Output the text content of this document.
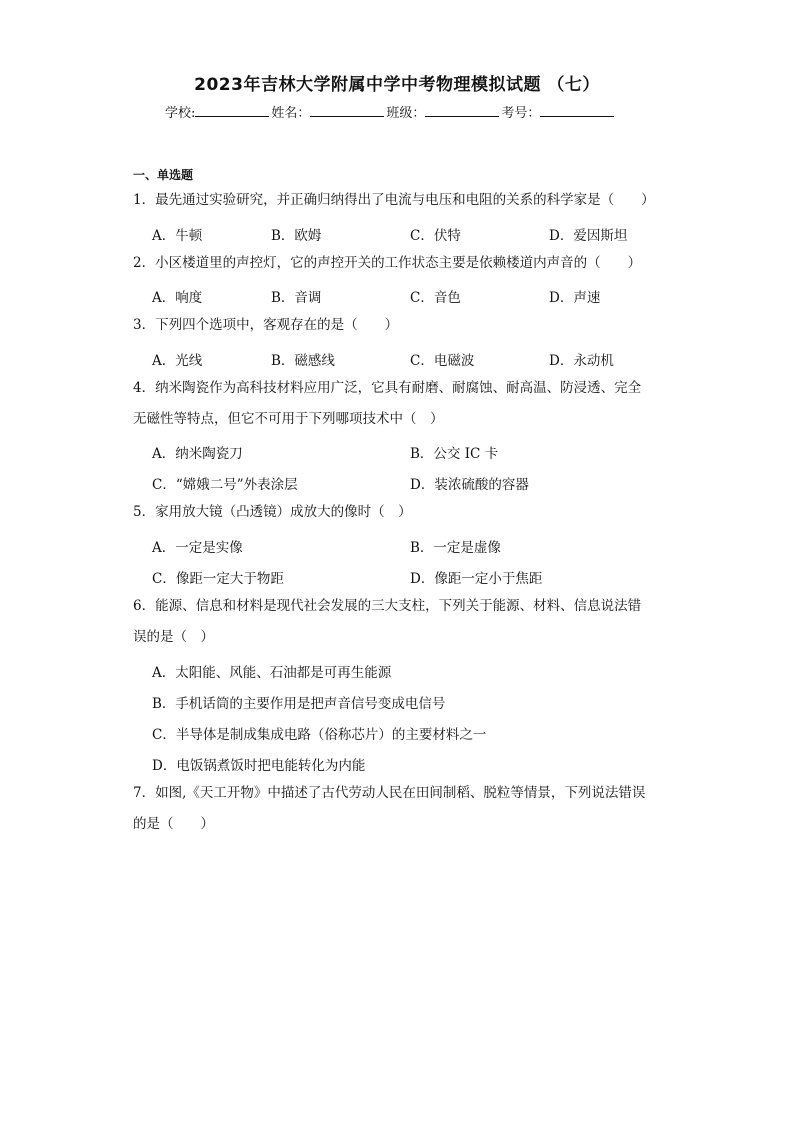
2023年吉林大学附属中学中考物理模拟试题 （七）
学校:	姓名：	班级：	考号：
一、单选题
1．最先通过实验研究，并正确归纳得出了电流与电压和电阻的关系的科学家是（　　）
A．牛顿	B．欧姆	C．伏特	D．爱因斯坦
2．小区楼道里的声控灯，它的声控开关的工作状态主要是依赖楼道内声音的（　　）
A．响度	B．音调	C．音色	D．声速
3．下列四个选项中，客观存在的是（　　）
A．光线	B．磁感线	C．电磁波	D．永动机
4．纳米陶瓷作为高科技材料应用广泛，它具有耐磨、耐腐蚀、耐高温、防浸透、完全
无磁性等特点，但它不可用于下列哪项技术中（　）
A．纳米陶瓷刀	B．公交 IC 卡
C．“嫦娥二号”外表涂层	D．装浓硫酸的容器
5．家用放大镜（凸透镜）成放大的像时（　）
A．一定是实像	B．一定是虚像
C．像距一定大于物距	D．像距一定小于焦距
6．能源、信息和材料是现代社会发展的三大支柱，下列关于能源、材料、信息说法错
误的是（　）
A．太阳能、风能、石油都是可再生能源
B．手机话筒的主要作用是把声音信号变成电信号
C．半导体是制成集成电路（俗称芯片）的主要材料之一
D．电饭锅煮饭时把电能转化为内能
7．如图,《天工开物》中描述了古代劳动人民在田间制稻、脱粒等情景，下列说法错误
的是（　　）
